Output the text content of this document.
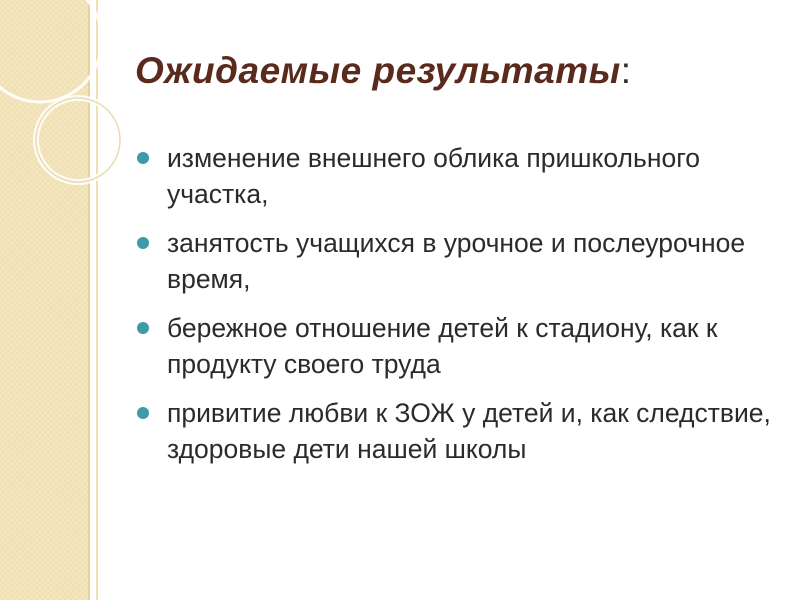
Ожидаемые результаты:
изменение внешнего облика пришкольного участка,
занятость учащихся в урочное и послеурочное время,
бережное отношение детей к стадиону, как к продукту своего труда
привитие любви к ЗОЖ у детей и, как следствие, здоровые дети нашей школы
